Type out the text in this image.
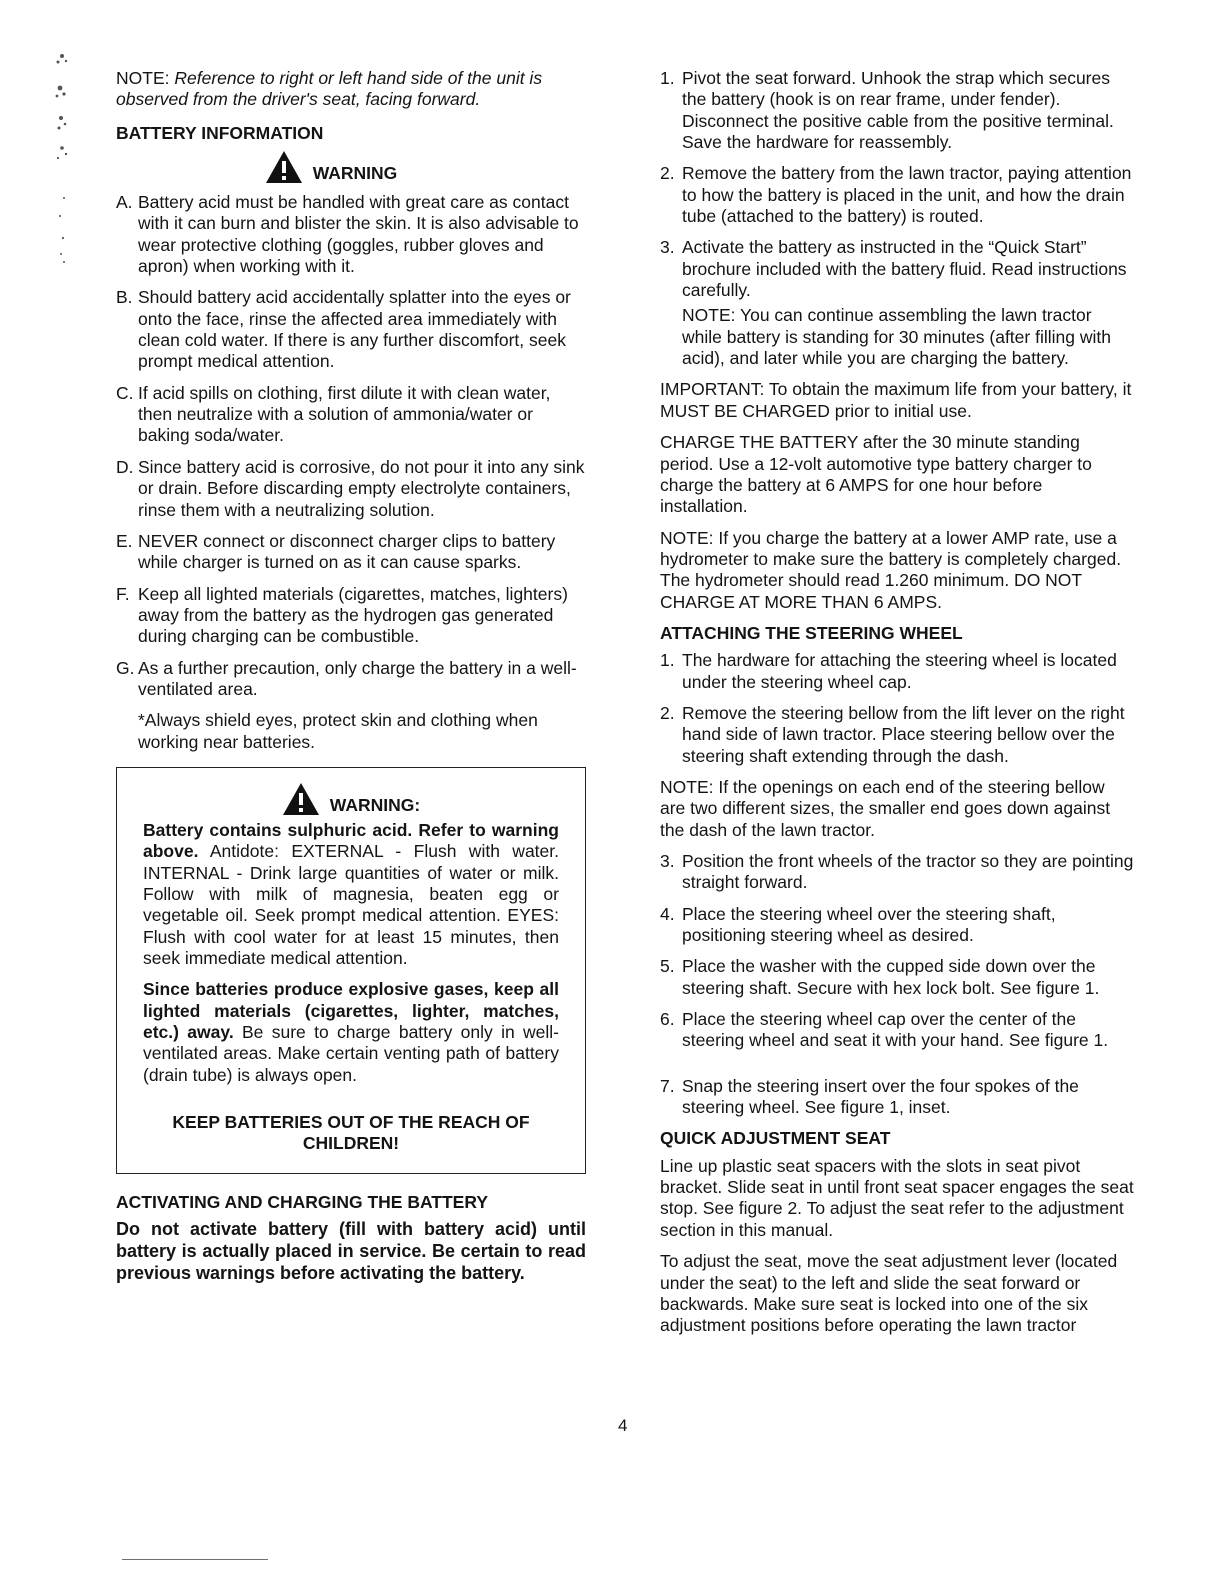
NOTE: Reference to right or left hand side of the unit is observed from the driver's seat, facing forward.

BATTERY INFORMATION
WARNING
A. Battery acid must be handled with great care as contact with it can burn and blister the skin. It is also advisable to wear protective clothing (goggles, rubber gloves and apron) when working with it.
B. Should battery acid accidentally splatter into the eyes or onto the face, rinse the affected area immediately with clean cold water. If there is any further discomfort, seek prompt medical attention.
C. If acid spills on clothing, first dilute it with clean water, then neutralize with a solution of ammonia/water or baking soda/water.
D. Since battery acid is corrosive, do not pour it into any sink or drain. Before discarding empty electrolyte containers, rinse them with a neutralizing solution.
E. NEVER connect or disconnect charger clips to battery while charger is turned on as it can cause sparks.
F. Keep all lighted materials (cigarettes, matches, lighters) away from the battery as the hydrogen gas generated during charging can be combustible.
G. As a further precaution, only charge the battery in a well-ventilated area.

*Always shield eyes, protect skin and clothing when working near batteries.

WARNING:

Battery contains sulphuric acid. Refer to warning above. Antidote: EXTERNAL - Flush with water. INTERNAL - Drink large quantities of water or milk. Follow with milk of magnesia, beaten egg or vegetable oil. Seek prompt medical attention. EYES: Flush with cool water for at least 15 minutes, then seek immediate medical attention.

Since batteries produce explosive gases, keep all lighted materials (cigarettes, lighter, matches, etc.) away. Be sure to charge battery only in well-ventilated areas. Make certain venting path of battery (drain tube) is always open.

KEEP BATTERIES OUT OF THE REACH OF CHILDREN!
ACTIVATING AND CHARGING THE BATTERY

Do not activate battery (fill with battery acid) until battery is actually placed in service. Be certain to read previous warnings before activating the battery.

1. Pivot the seat forward. Unhook the strap which secures the battery (hook is on rear frame, under fender). Disconnect the positive cable from the positive terminal. Save the hardware for reassembly.
2. Remove the battery from the lawn tractor, paying attention to how the battery is placed in the unit, and how the drain tube (attached to the battery) is routed.
3. Activate the battery as instructed in the “Quick Start” brochure included with the battery fluid. Read instructions carefully.
NOTE: You can continue assembling the lawn tractor while battery is standing for 30 minutes (after filling with acid), and later while you are charging the battery.

IMPORTANT: To obtain the maximum life from your battery, it MUST BE CHARGED prior to initial use.

CHARGE THE BATTERY after the 30 minute standing period. Use a 12-volt automotive type battery charger to charge the battery at 6 AMPS for one hour before installation.

NOTE: If you charge the battery at a lower AMP rate, use a hydrometer to make sure the battery is completely charged. The hydrometer should read 1.260 minimum. DO NOT CHARGE AT MORE THAN 6 AMPS.

ATTACHING THE STEERING WHEEL
1. The hardware for attaching the steering wheel is located under the steering wheel cap.
2. Remove the steering bellow from the lift lever on the right hand side of lawn tractor. Place steering bellow over the steering shaft extending through the dash.

NOTE: If the openings on each end of the steering bellow are two different sizes, the smaller end goes down against the dash of the lawn tractor.

3. Position the front wheels of the tractor so they are pointing straight forward.
4. Place the steering wheel over the steering shaft, positioning steering wheel as desired.
5. Place the washer with the cupped side down over the steering shaft. Secure with hex lock bolt. See figure 1.
6. Place the steering wheel cap over the center of the steering wheel and seat it with your hand. See figure 1.
7. Snap the steering insert over the four spokes of the steering wheel. See figure 1, inset.
QUICK ADJUSTMENT SEAT

Line up plastic seat spacers with the slots in seat pivot bracket. Slide seat in until front seat spacer engages the seat stop. See figure 2. To adjust the seat refer to the adjustment section in this manual.

To adjust the seat, move the seat adjustment lever (located under the seat) to the left and slide the seat forward or backwards. Make sure seat is locked into one of the six adjustment positions before operating the lawn tractor

4
